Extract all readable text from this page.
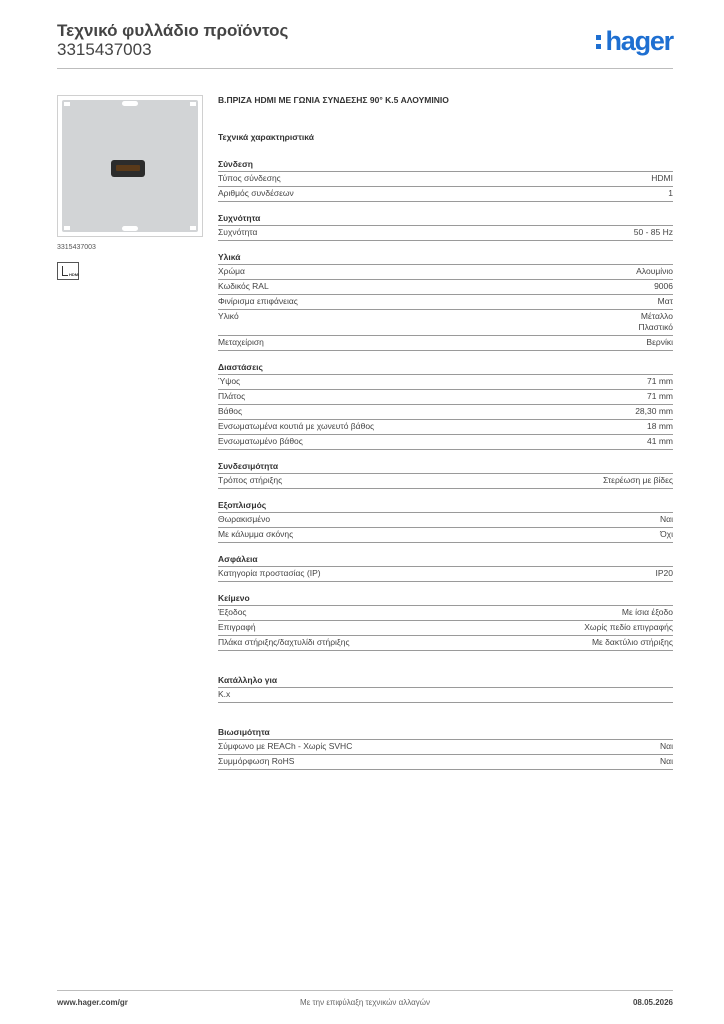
Τεχνικό φυλλάδιο προϊόντος
3315437003	hager
3315437003
HDMI
B.ΠΡΙΖΑ HDMI ΜΕ ΓΩΝΙΑ ΣΥΝΔΕΣΗΣ 90° K.5 ΑΛΟΥΜΙΝΙΟ
Τεχνικά χαρακτηριστικά
Σύνδεση
Τύπος σύνδεσης	HDMI
Αριθμός συνδέσεων	1
Συχνότητα
Συχνότητα	50 - 85 Hz
Υλικά
Χρώμα	Αλουμίνιο
Κωδικός RAL	9006
Φινίρισμα επιφάνειας	Ματ
Υλικό	Μέταλλο
Πλαστικό
Μεταχείριση	Βερνίκι
Διαστάσεις
Ύψος	71 mm
Πλάτος	71 mm
Βάθος	28,30 mm
Ενσωματωμένα κουτιά με χωνευτό βάθος	18 mm
Ενσωματωμένο βάθος	41 mm
Συνδεσιμότητα
Τρόπος στήριξης	Στερέωση με βίδες
Εξοπλισμός
Θωρακισμένο	Ναι
Με κάλυμμα σκόνης	Όχι
Ασφάλεια
Κατηγορία προστασίας (IP)	IP20
Κείμενο
Έξοδος	Με ίσια έξοδο
Επιγραφή	Χωρίς πεδίο επιγραφής
Πλάκα στήριξης/δαχτυλίδι στήριξης	Με δακτύλιο στήριξης
Κατάλληλο για
K.x
Βιωσιμότητα
Σύμφωνο με REACh - Χωρίς SVHC	Ναι
Συμμόρφωση RoHS	Ναι
www.hager.com/gr	Με την επιφύλαξη τεχνικών αλλαγών	08.05.2026
